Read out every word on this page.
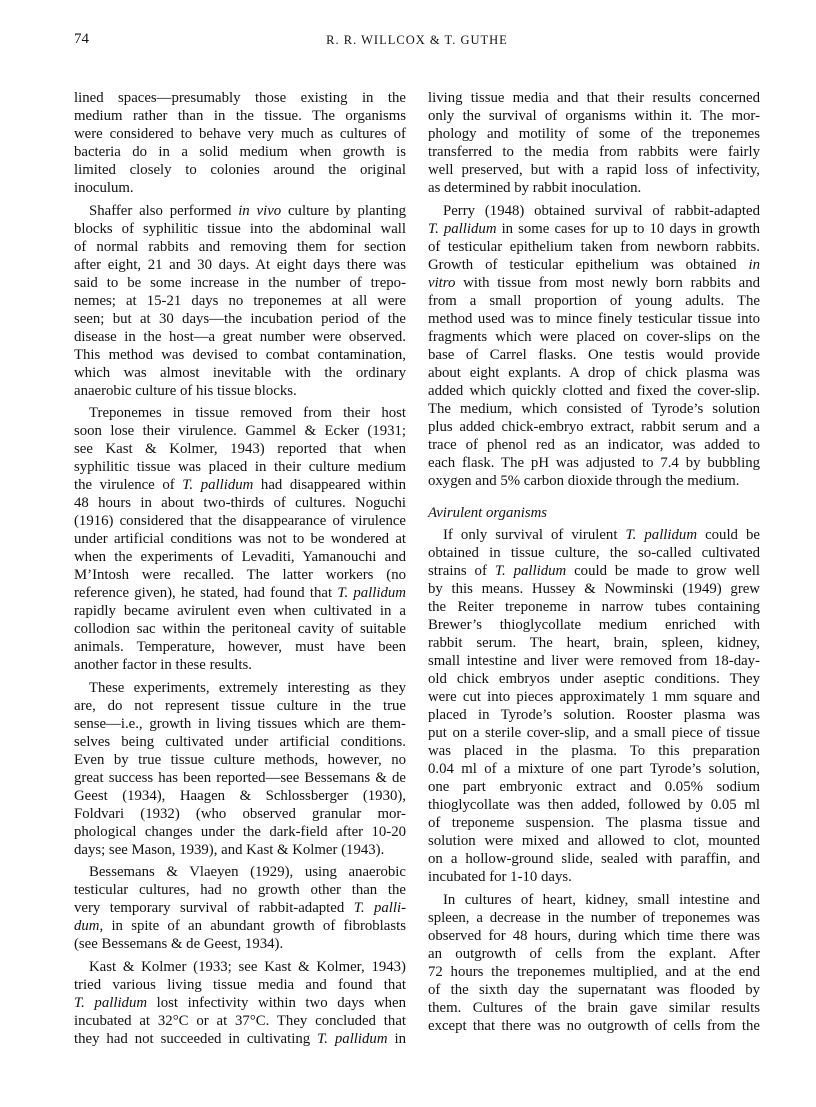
74	R. R. WILLCOX & T. GUTHE
lined spaces—presumably those existing in the
medium rather than in the tissue. The organisms
were considered to behave very much as cultures of
bacteria do in a solid medium when growth is
limited closely to colonies around the original
inoculum.
Shaffer also performed in vivo culture by planting
blocks of syphilitic tissue into the abdominal wall
of normal rabbits and removing them for section
after eight, 21 and 30 days. At eight days there was
said to be some increase in the number of trepo-
nemes; at 15-21 days no treponemes at all were
seen; but at 30 days—the incubation period of the
disease in the host—a great number were observed.
This method was devised to combat contamination,
which was almost inevitable with the ordinary
anaerobic culture of his tissue blocks.
Treponemes in tissue removed from their host
soon lose their virulence. Gammel & Ecker (1931;
see Kast & Kolmer, 1943) reported that when
syphilitic tissue was placed in their culture medium
the virulence of T. pallidum had disappeared within
48 hours in about two-thirds of cultures. Noguchi
(1916) considered that the disappearance of virulence
under artificial conditions was not to be wondered at
when the experiments of Levaditi, Yamanouchi and
M’Intosh were recalled. The latter workers (no
reference given), he stated, had found that T. pallidum
rapidly became avirulent even when cultivated in a
collodion sac within the peritoneal cavity of suitable
animals. Temperature, however, must have been
another factor in these results.
These experiments, extremely interesting as they
are, do not represent tissue culture in the true
sense—i.e., growth in living tissues which are them-
selves being cultivated under artificial conditions.
Even by true tissue culture methods, however, no
great success has been reported—see Bessemans & de
Geest (1934), Haagen & Schlossberger (1930),
Foldvari (1932) (who observed granular mor-
phological changes under the dark-field after 10-20
days; see Mason, 1939), and Kast & Kolmer (1943).
Bessemans & Vlaeyen (1929), using anaerobic
testicular cultures, had no growth other than the
very temporary survival of rabbit-adapted T. palli-
dum, in spite of an abundant growth of fibroblasts
(see Bessemans & de Geest, 1934).
Kast & Kolmer (1933; see Kast & Kolmer, 1943)
tried various living tissue media and found that
T. pallidum lost infectivity within two days when
incubated at 32°C or at 37°C. They concluded that
they had not succeeded in cultivating T. pallidum in
living tissue media and that their results concerned
only the survival of organisms within it. The mor-
phology and motility of some of the treponemes
transferred to the media from rabbits were fairly
well preserved, but with a rapid loss of infectivity,
as determined by rabbit inoculation.
Perry (1948) obtained survival of rabbit-adapted
T. pallidum in some cases for up to 10 days in growth
of testicular epithelium taken from newborn rabbits.
Growth of testicular epithelium was obtained in
vitro with tissue from most newly born rabbits and
from a small proportion of young adults. The
method used was to mince finely testicular tissue into
fragments which were placed on cover-slips on the
base of Carrel flasks. One testis would provide
about eight explants. A drop of chick plasma was
added which quickly clotted and fixed the cover-slip.
The medium, which consisted of Tyrode’s solution
plus added chick-embryo extract, rabbit serum and a
trace of phenol red as an indicator, was added to
each flask. The pH was adjusted to 7.4 by bubbling
oxygen and 5% carbon dioxide through the medium.
Avirulent organisms
If only survival of virulent T. pallidum could be
obtained in tissue culture, the so-called cultivated
strains of T. pallidum could be made to grow well
by this means. Hussey & Nowminski (1949) grew
the Reiter treponeme in narrow tubes containing
Brewer’s thioglycollate medium enriched with
rabbit serum. The heart, brain, spleen, kidney,
small intestine and liver were removed from 18-day-
old chick embryos under aseptic conditions. They
were cut into pieces approximately 1 mm square and
placed in Tyrode’s solution. Rooster plasma was
put on a sterile cover-slip, and a small piece of tissue
was placed in the plasma. To this preparation
0.04 ml of a mixture of one part Tyrode’s solution,
one part embryonic extract and 0.05% sodium
thioglycollate was then added, followed by 0.05 ml
of treponeme suspension. The plasma tissue and
solution were mixed and allowed to clot, mounted
on a hollow-ground slide, sealed with paraffin, and
incubated for 1-10 days.
In cultures of heart, kidney, small intestine and
spleen, a decrease in the number of treponemes was
observed for 48 hours, during which time there was
an outgrowth of cells from the explant. After
72 hours the treponemes multiplied, and at the end
of the sixth day the supernatant was flooded by
them. Cultures of the brain gave similar results
except that there was no outgrowth of cells from the
